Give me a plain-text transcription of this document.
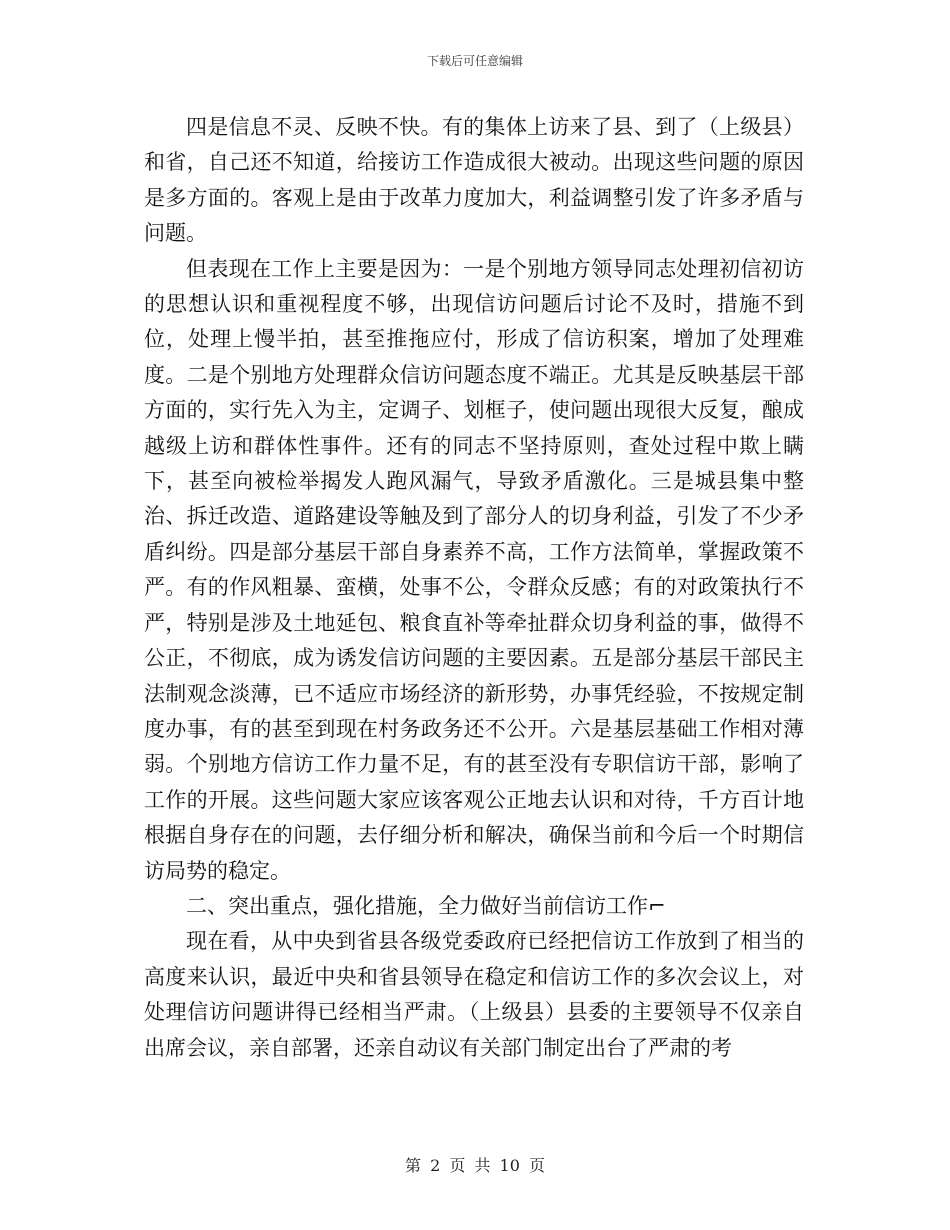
下载后可任意编辑

四是信息不灵、反映不快。有的集体上访来了县、到了（上级县）和省，自己还不知道，给接访工作造成很大被动。出现这些问题的原因是多方面的。客观上是由于改革力度加大，利益调整引发了许多矛盾与问题。

但表现在工作上主要是因为：一是个别地方领导同志处理初信初访的思想认识和重视程度不够，出现信访问题后讨论不及时，措施不到位，处理上慢半拍，甚至推拖应付，形成了信访积案，增加了处理难度。二是个别地方处理群众信访问题态度不端正。尤其是反映基层干部方面的，实行先入为主，定调子、划框子，使问题出现很大反复，酿成越级上访和群体性事件。还有的同志不坚持原则，查处过程中欺上瞒下，甚至向被检举揭发人跑风漏气，导致矛盾激化。三是城县集中整治、拆迁改造、道路建设等触及到了部分人的切身利益，引发了不少矛盾纠纷。四是部分基层干部自身素养不高，工作方法简单，掌握政策不严。有的作风粗暴、蛮横，处事不公，令群众反感；有的对政策执行不严，特别是涉及土地延包、粮食直补等牵扯群众切身利益的事，做得不公正，不彻底，成为诱发信访问题的主要因素。五是部分基层干部民主法制观念淡薄，已不适应市场经济的新形势，办事凭经验，不按规定制度办事，有的甚至到现在村务政务还不公开。六是基层基础工作相对薄弱。个别地方信访工作力量不足，有的甚至没有专职信访干部，影响了工作的开展。这些问题大家应该客观公正地去认识和对待，千方百计地根据自身存在的问题，去仔细分析和解决，确保当前和今后一个时期信访局势的稳定。

二、突出重点，强化措施，全力做好当前信访工作⌐

现在看，从中央到省县各级党委政府已经把信访工作放到了相当的高度来认识，最近中央和省县领导在稳定和信访工作的多次会议上，对处理信访问题讲得已经相当严肃。（上级县）县委的主要领导不仅亲自出席会议，亲自部署，还亲自动议有关部门制定出台了严肃的考

第 2 页 共 10 页
